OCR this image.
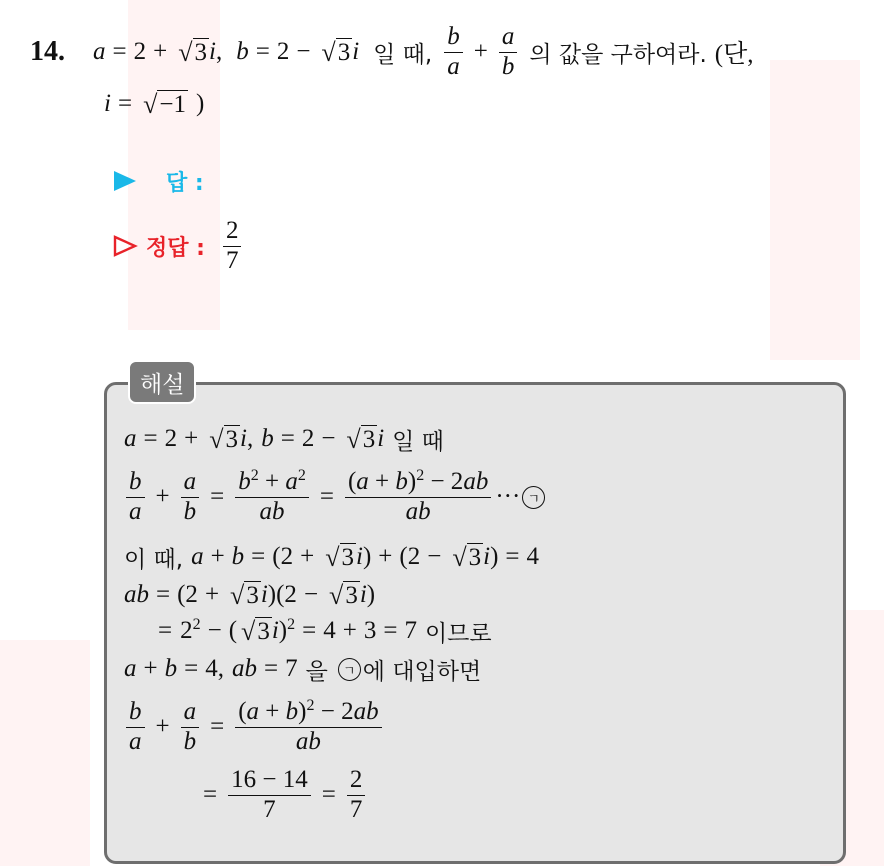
14. a = 2 + √ 3 i , b = 2 − √ 3 i 일 때, $\frac{b}{a} + \frac{a}{b}$ 의 값을 구하여라. (단,
i = √ −1 )
답 :
정답 : $\frac{2}{7}$
해설
a = 2 + √ 3 i , b = 2 − √ 3 i 일 때
$\frac{b}{a} + \frac{a}{b} = \frac{b^2 + a^2}{ab} = \frac{(a + b)^2 - 2ab}{ab}$ ··· ㄱ
이 때, a + b = (2 + √ 3 i) + (2 − √ 3 i) = 4
ab = (2 + √ 3 i)(2 − √ 3 i)
= $2^2$ − ( √ 3 i)$^2$ = 4 + 3 = 7 이므로
a + b = 4, ab = 7 을	ㄱ 에 대입하면
$\frac{b}{a} + \frac{a}{b} = \frac{(a + b)^2 - 2ab}{ab}$
= $\frac{16 - 14}{7} = \frac{2}{7}$
